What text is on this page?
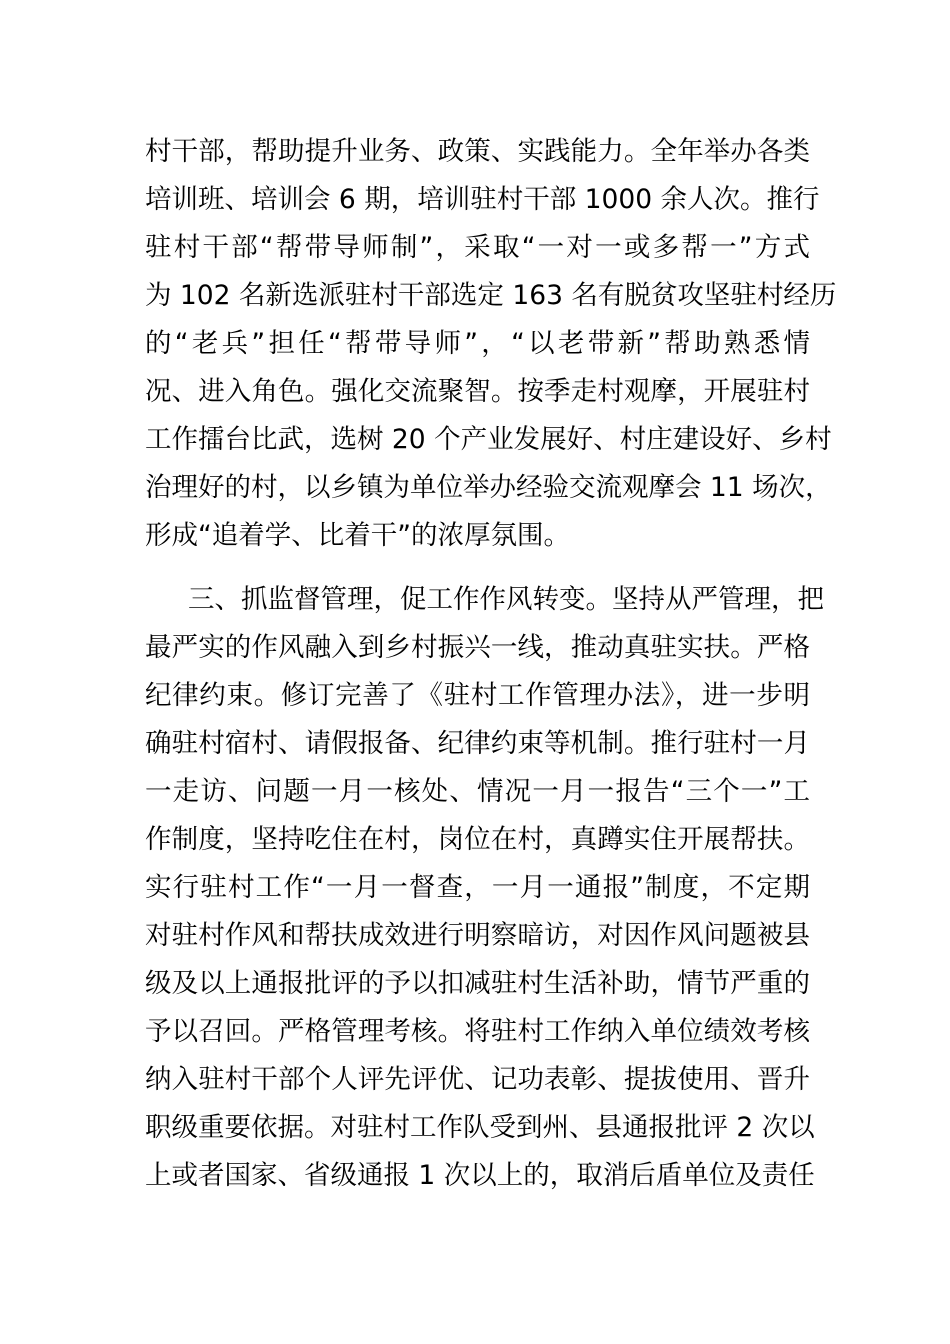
村干部，帮助提升业务、政策、实践能力。全年举办各类
培训班、培训会 6 期，培训驻村干部 1000 余人次。推行
驻村干部“帮带导师制”，采取“一对一或多帮一”方式
为 102 名新选派驻村干部选定 163 名有脱贫攻坚驻村经历
的“老兵”担任“帮带导师”，“以老带新”帮助熟悉情
况、进入角色。强化交流聚智。按季走村观摩，开展驻村
工作擂台比武，选树 20 个产业发展好、村庄建设好、乡村
治理好的村，以乡镇为单位举办经验交流观摩会 11 场次，
形成“追着学、比着干”的浓厚氛围。
三、抓监督管理，促工作作风转变。坚持从严管理，把
最严实的作风融入到乡村振兴一线，推动真驻实扶。严格
纪律约束。修订完善了《驻村工作管理办法》，进一步明
确驻村宿村、请假报备、纪律约束等机制。推行驻村一月
一走访、问题一月一核处、情况一月一报告“三个一”工
作制度，坚持吃住在村，岗位在村，真蹲实住开展帮扶。
实行驻村工作“一月一督查，一月一通报”制度，不定期
对驻村作风和帮扶成效进行明察暗访，对因作风问题被县
级及以上通报批评的予以扣减驻村生活补助，情节严重的
予以召回。严格管理考核。将驻村工作纳入单位绩效考核
纳入驻村干部个人评先评优、记功表彰、提拔使用、晋升
职级重要依据。对驻村工作队受到州、县通报批评 2 次以
上或者国家、省级通报 1 次以上的，取消后盾单位及责任
